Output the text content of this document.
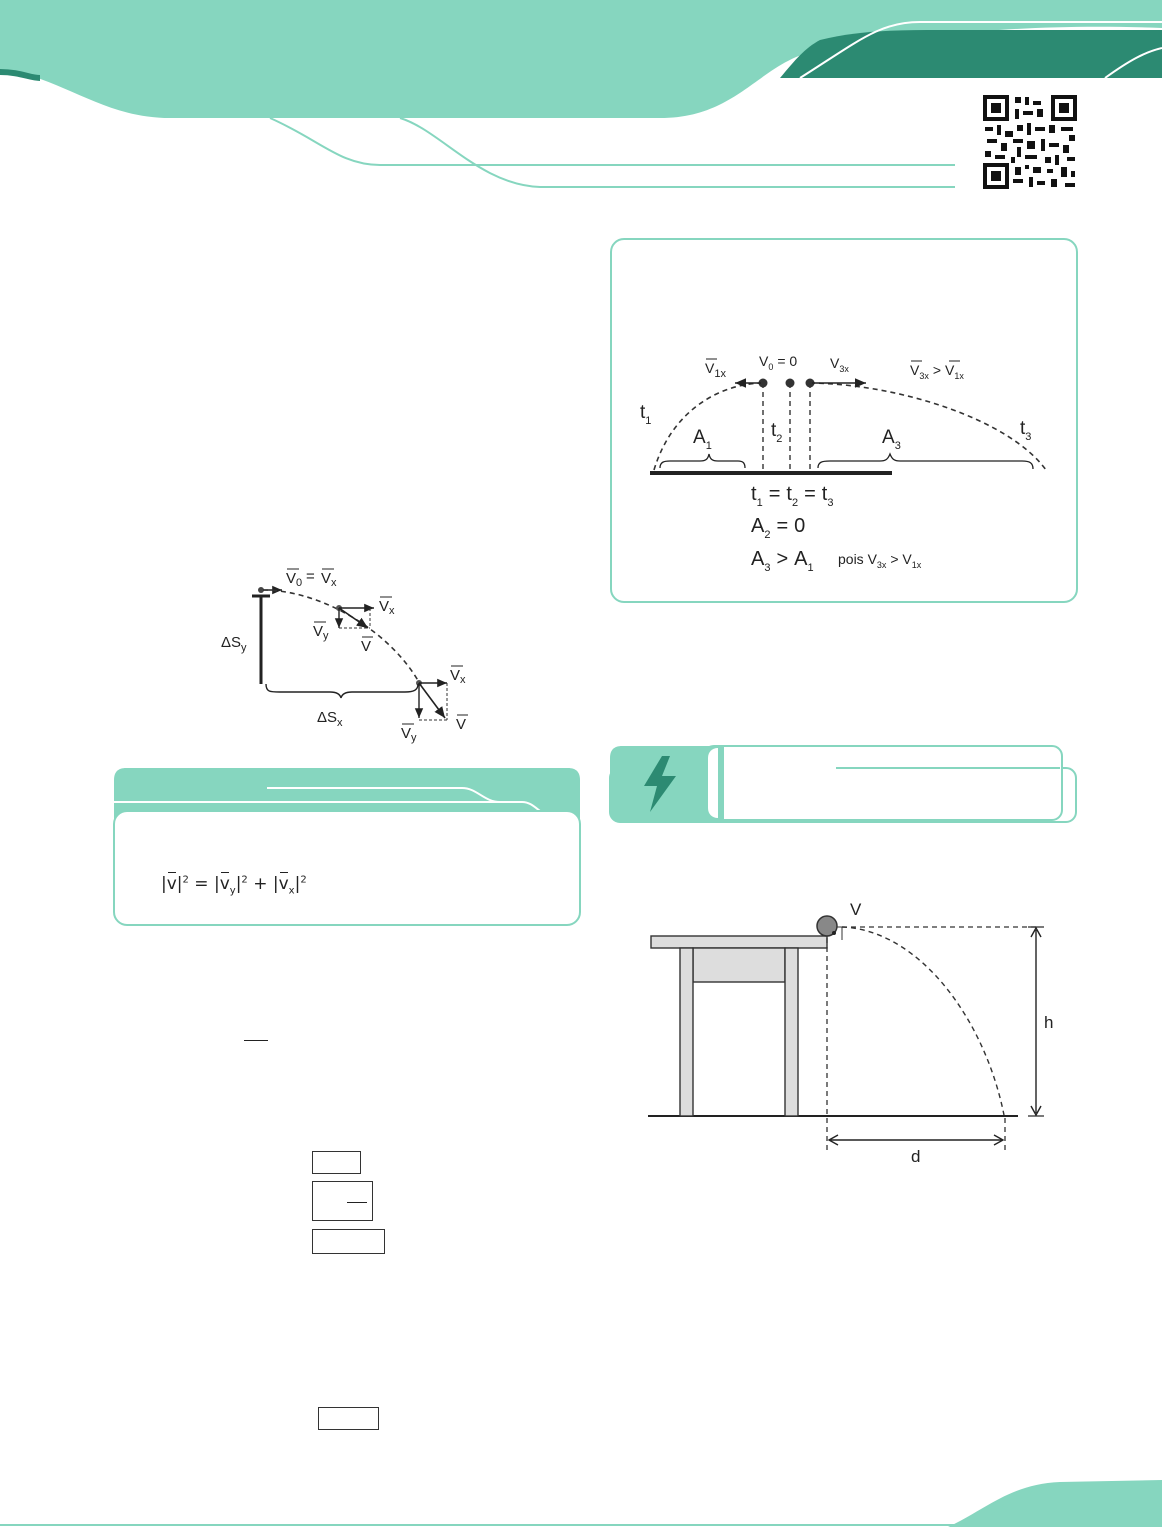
$V_0 = V_x$
$V_x$
$V_y$
V
$V_x$
V
$V_y$
$\Delta S_y$
$\Delta S_x$
$|v|^2 = |v_y|^2 + |v_x|^2$
$V_{1x}$
$V_0 = 0$ $V_{3x}$	$V_{3x} > V_{1x}$
$t_1$	$t_2$	$t_3$
$A_1$	$A_3$
$t_1 = t_2 = t_3$
$A_2 = 0$
$A_3 > A_1$
pois $V_{3x} > V_{1x}$
V
h
d
